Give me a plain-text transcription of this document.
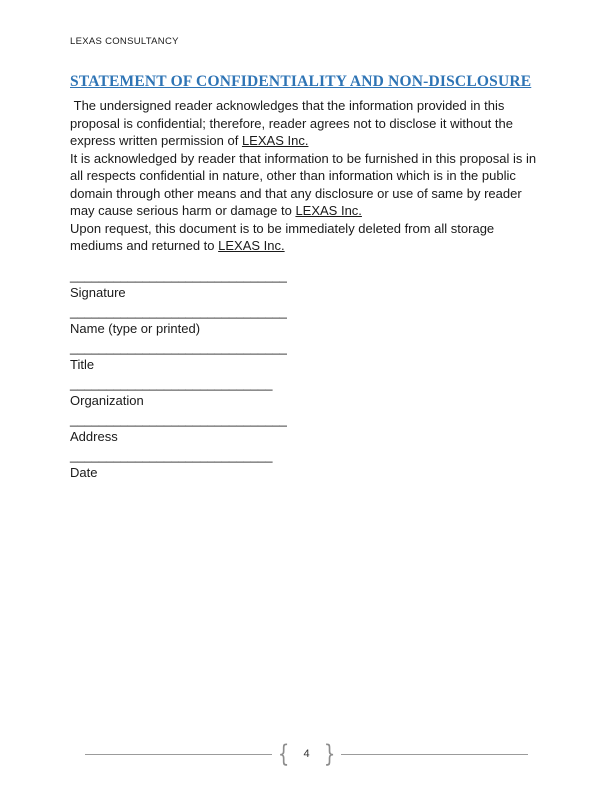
LEXAS CONSULTANCY
STATEMENT OF CONFIDENTIALITY AND NON-DISCLOSURE

The undersigned reader acknowledges that the information provided in this proposal is confidential; therefore, reader agrees not to disclose it without the express written permission of LEXAS Inc.

It is acknowledged by reader that information to be furnished in this proposal is in all respects confidential in nature, other than information which is in the public domain through other means and that any disclosure or use of same by reader may cause serious harm or damage to LEXAS Inc.

Upon request, this document is to be immediately deleted from all storage mediums and returned to LEXAS Inc.

______________________________
Signature
______________________________
Name (type or printed)
______________________________
Title
____________________________
Organization
______________________________
Address
____________________________
Date
{	4 }
